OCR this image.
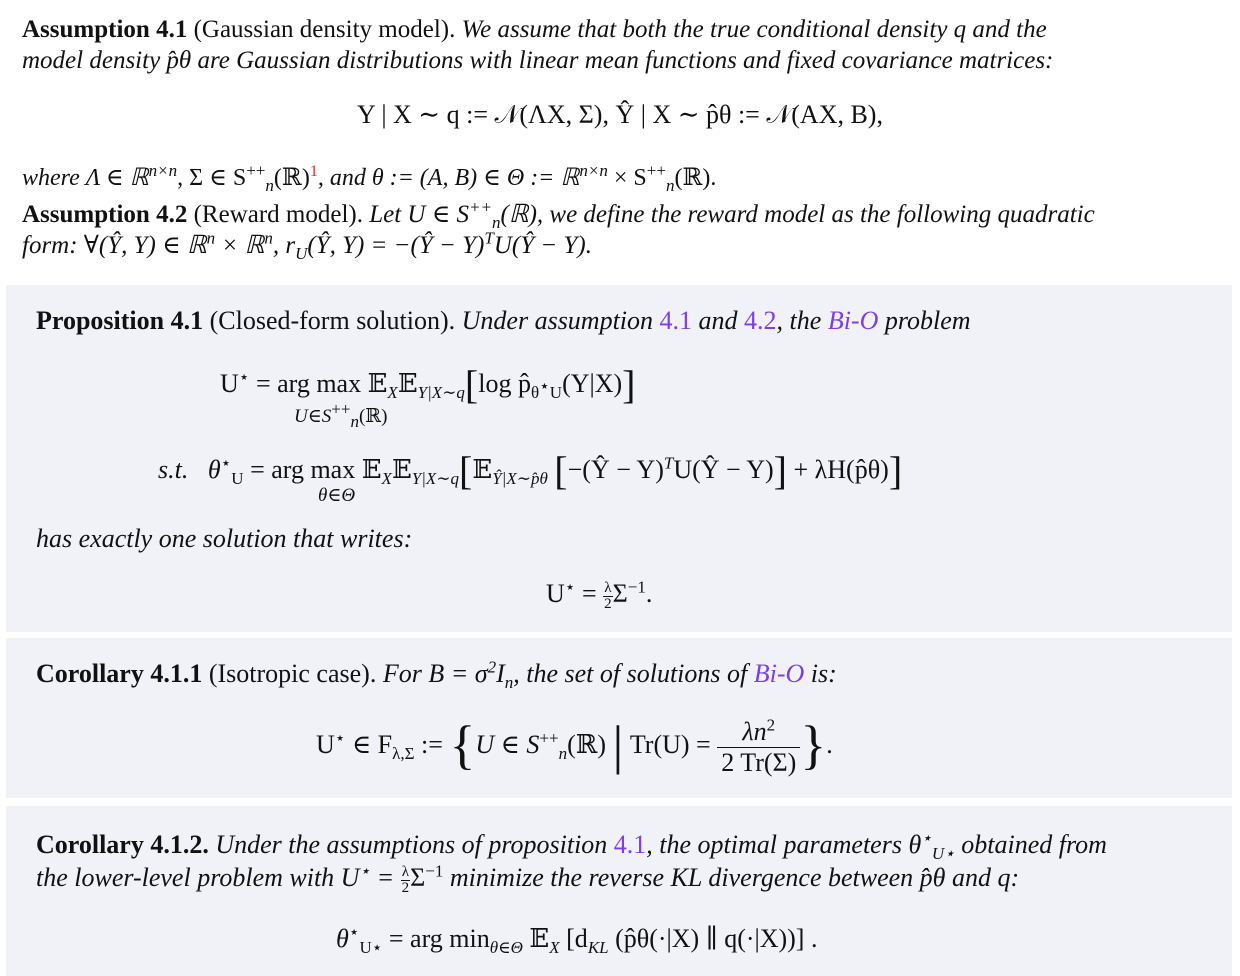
Assumption 4.1 (Gaussian density model). We assume that both the true conditional density q and the
model density p̂θ are Gaussian distributions with linear mean functions and fixed covariance matrices:
Y | X ∼ q := 𝒩(ΛX, Σ), Ŷ | X ∼ p̂θ := 𝒩(AX, B),
where Λ ∈ ℝ$^{n\times n}$, Σ ∈ $S^{++}_n(ℝ)^1$, and θ := (A, B) ∈ Θ := ℝ$^{n\times n}$ × $S^{++}_n(ℝ)$.
Assumption 4.2 (Reward model). Let U ∈ $S^{++}_n(ℝ)$, we define the reward model as the following quadratic
form: ∀(Ŷ, Y) ∈ ℝ$^n$ × ℝ$^n$, $r_U(Ŷ$, Y) = −(Ŷ − Y)$^T$U(Ŷ − Y).
Proposition 4.1 (Closed-form solution). Under assumption 4.1 and 4.2, the Bi-O problem
U⋆ = arg max 𝔼$_X$𝔼$_{Y|X\sim q}$[log $p̂_{\theta^⋆U}(Y|X)$]
$U\in S^{++}_n(ℝ)$
s.t. $\theta^⋆_U$ = arg max 𝔼$_X$𝔼$_{Y|X\sim q}$[𝔼$_{Ŷ|X\sim p̂\theta}$ [−(Ŷ − Y)$^T$U(Ŷ − Y)] + λH(p̂θ)]
θ∈Θ
has exactly one solution that writes:
$U^⋆ = \frac{\lambda}{2} \Sigma^{-1}$.
Corollary 4.1.1 (Isotropic case). For $B = \sigma^2I_n$, the set of solutions of Bi-O is:
U⋆ ∈ $F_{\lambda,\Sigma}$ := {U ∈ $S^{++}_n(ℝ)$ | $Tr(U) = \frac{\lambda n^2}{2 Tr(\Sigma)}$ }.
Corollary 4.1.2. Under the assumptions of proposition 4.1, the optimal parameters $\theta^⋆_{U⋆}$ obtained from
the lower-level problem with $U^⋆ = \frac{\lambda}{2} \Sigma^{-1}$ minimize the reverse KL divergence between p̂θ and q:
$\theta^⋆_{U⋆}$ = arg $\min_{\theta\in\Theta}$ 𝔼$_X$ [$d_{KL}$ (p̂θ(·|X) ∥ q(·|X))] .
